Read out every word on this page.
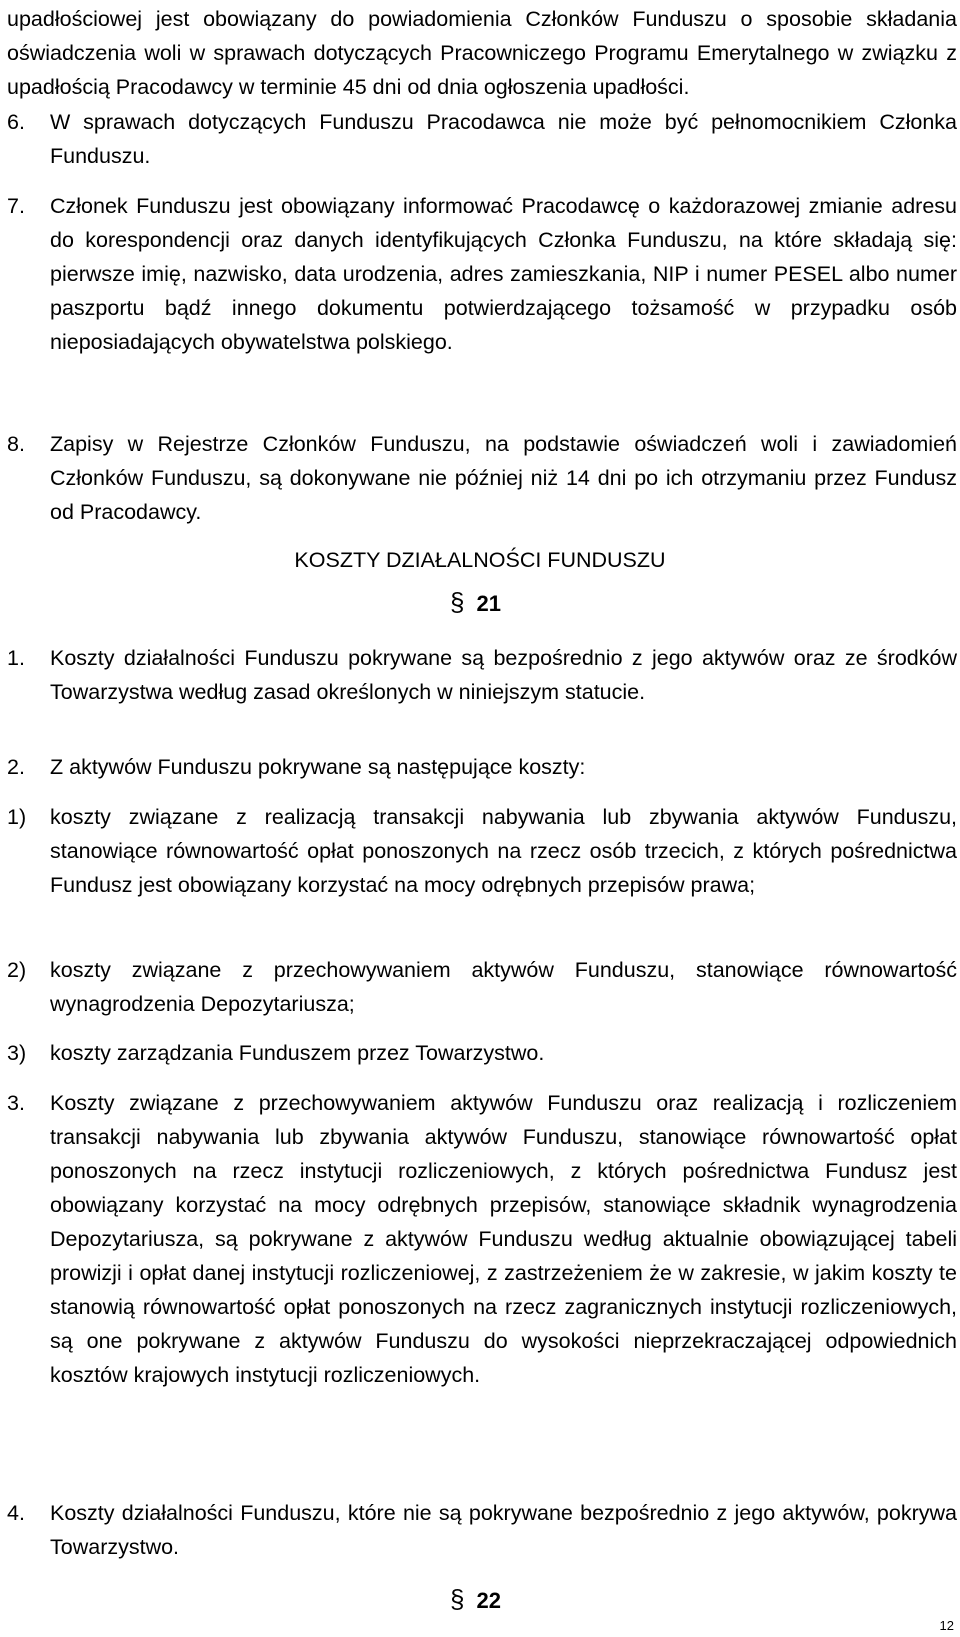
upadłościowej jest obowiązany do powiadomienia Członków Funduszu o sposobie składania oświadczenia woli w sprawach dotyczących Pracowniczego Programu Emerytalnego w związku z upadłością Pracodawcy w terminie 45 dni od dnia ogłoszenia upadłości.
6.	W sprawach dotyczących Funduszu Pracodawca nie może być pełnomocnikiem Członka Funduszu.
7.	Członek Funduszu jest obowiązany informować Pracodawcę o każdorazowej zmianie adresu do korespondencji oraz danych identyfikujących Członka Funduszu, na które składają się: pierwsze imię, nazwisko, data urodzenia, adres zamieszkania, NIP i numer PESEL albo numer paszportu bądź innego dokumentu potwierdzającego tożsamość w przypadku osób nieposiadających obywatelstwa polskiego.
8.	Zapisy w Rejestrze Członków Funduszu, na podstawie oświadczeń woli i zawiadomień Członków Funduszu, są dokonywane nie później niż 14 dni po ich otrzymaniu przez Fundusz od Pracodawcy.
KOSZTY DZIAŁALNOŚCI FUNDUSZU
§ 21
1.	Koszty działalności Funduszu pokrywane są bezpośrednio z jego aktywów oraz ze środków Towarzystwa według zasad określonych w niniejszym statucie.
2.	Z aktywów Funduszu pokrywane są następujące koszty:
1)	koszty związane z realizacją transakcji nabywania lub zbywania aktywów Funduszu, stanowiące równowartość opłat ponoszonych na rzecz osób trzecich, z których pośrednictwa Fundusz jest obowiązany korzystać na mocy odrębnych przepisów prawa;
2)	koszty związane z przechowywaniem aktywów Funduszu, stanowiące równowartość wynagrodzenia Depozytariusza;
3)	koszty zarządzania Funduszem przez Towarzystwo.
3.	Koszty związane z przechowywaniem aktywów Funduszu oraz realizacją i rozliczeniem transakcji nabywania lub zbywania aktywów Funduszu, stanowiące równowartość opłat ponoszonych na rzecz instytucji rozliczeniowych, z których pośrednictwa Fundusz jest obowiązany korzystać na mocy odrębnych przepisów, stanowiące składnik wynagrodzenia Depozytariusza, są pokrywane z aktywów Funduszu według aktualnie obowiązującej tabeli prowizji i opłat danej instytucji rozliczeniowej, z zastrzeżeniem że w zakresie, w jakim koszty te stanowią równowartość opłat ponoszonych na rzecz zagranicznych instytucji rozliczeniowych, są one pokrywane z aktywów Funduszu do wysokości nieprzekraczającej odpowiednich kosztów krajowych instytucji rozliczeniowych.
4.	Koszty działalności Funduszu, które nie są pokrywane bezpośrednio z jego aktywów, pokrywa Towarzystwo.
§ 22
12
